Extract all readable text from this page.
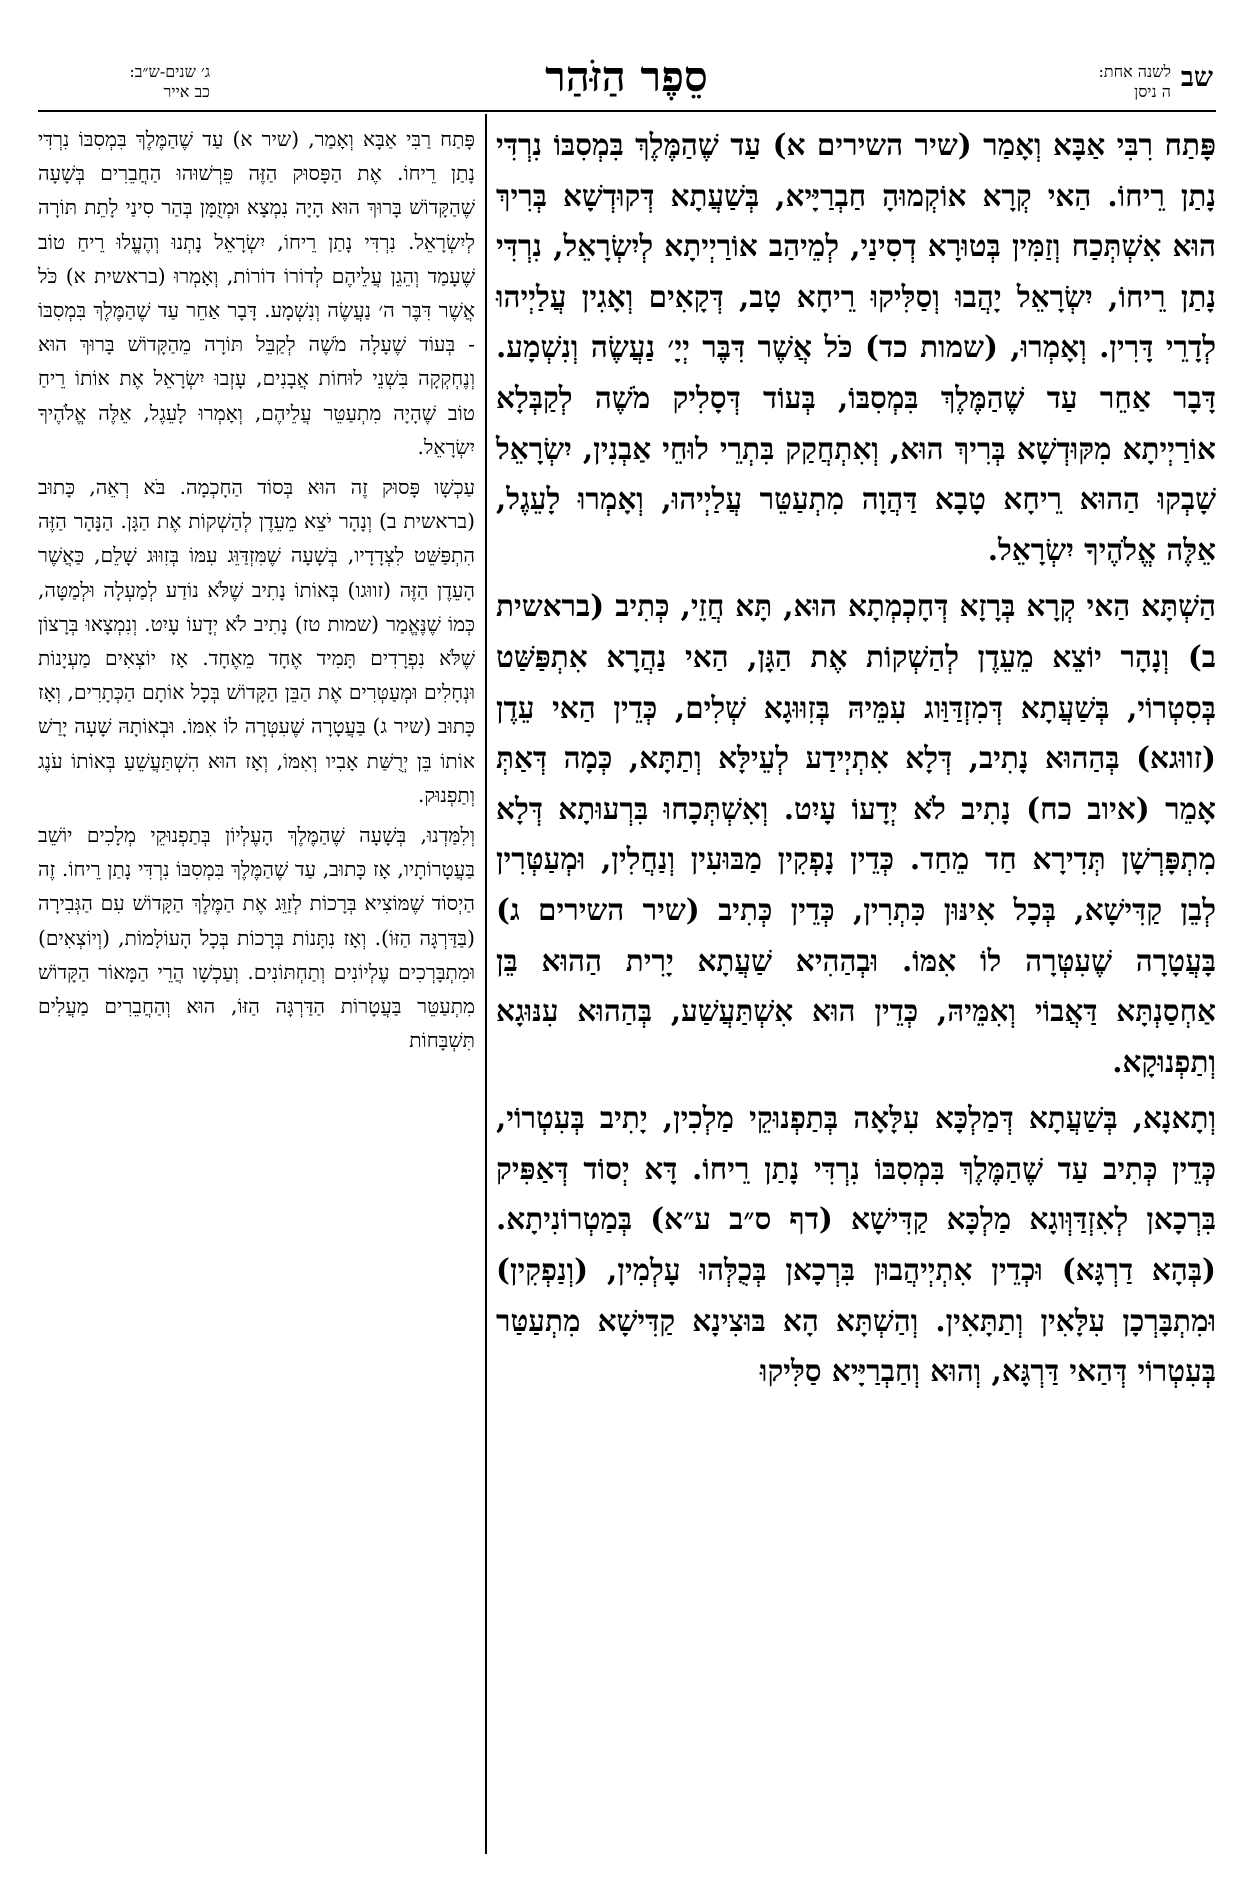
שב
לשנה אחת:
ה ניסן
סֵפֶר הַזֹּהַר
ג׳ שנים-ש״ב:
כב אייר

פָּתַח רִבִּי אַבָּא וְאָמַר (שיר השירים א) עַד שֶׁהַמֶּלֶךְ בִּמְסִבּוֹ נִרְדִּי נָתַן רֵיחוֹ. הַאי קְרָא אוֹקְמוּהָ חַבְרַיָּיא, בְּשַׁעֲתָא דְּקוּדְשָׁא בְּרִיךְ הוּא אִשְׁתְּכַח וְזַמִּין בְּטוּרָא דְסִינַי, לְמֵיהַב אוֹרַיְיתָא לְיִשְׂרָאֵל, נִרְדִּי נָתַן רֵיחוֹ, יִשְׂרָאֵל יָהֲבוּ וְסַלִּיקוּ רֵיחָא טָב, דְּקָאִים וְאָגִין עֲלַיְיהוּ לְדָרֵי דָּרִין. וְאָמְרוּ, (שמות כד) כֹּל אֲשֶׁר דִּבֶּר יְיָ׳ נַעֲשֶׂה וְנִשְׁמָע. דָּבָר אַחֵר עַד שֶׁהַמֶּלֶךְ בִּמְסִבּוֹ, בְּעוֹד דְּסָלִיק מֹשֶׁה לְקַבְּלָא אוֹרַיְיתָא מִקּוּדְשָׁא בְּרִיךְ הוּא, וְאִתְחֲקַק בִּתְרֵי לוּחֵי אַבְנִין, יִשְׂרָאֵל שָׁבְקוּ הַהוּא רֵיחָא טָבָא דַּהֲוָה מִתְעַטֵּר עֲלַיְיהוּ, וְאָמְרוּ לָעֵגֶל, אֵלֶּה אֱלֹהֶיךָ יִשְׂרָאֵל.

הַשְׁתָּא הַאי קְרָא בְּרָזָא דְּחָכְמְתָא הוּא, תָּא חֲזֵי, כְּתִיב (בראשית ב) וְנָהָר יוֹצֵא מֵעֵדֶן לְהַשְׁקוֹת אֶת הַגָּן, הַאי נַהֲרָא אִתְפַּשַּׁט בְּסִטְרוֹי, בְּשַׁעֲתָא דְּמִזְדַּוַּוג עִמֵּיהּ בְּזִוּוּגָא שְׁלִים, כְּדֵין הַאי עֵדֶן (זווּגא) בְּהַהוּא נָתִיב, דְּלָא אִתְיְידַע לְעֵילָּא וְתַתָּא, כְּמָה דְּאַתְּ אָמֵר (איוב כח) נָתִיב לֹא יְדָעוֹ עָיִט. וְאִשְׁתְּכָחוּ בִּרְעוּתָא דְּלָא מִתְפָּרְשָׁן תְּדִירָא חַד מֵחַד. כְּדֵין נָפְקִין מַבּוּעִין וְנַחֲלִין, וּמְעַטְּרִין לְבֵן קַדִּישָׁא, בְּכָל אִינּוּן כִּתְרִין, כְּדֵין כְּתִיב (שיר השירים ג) בָּעֲטָרָה שֶׁעִטְּרָה לוֹ אִמּוֹ. וּבְהַהִיא שַׁעֲתָא יָרִית הַהוּא בֵּן אַחְסַנְתָּא דַּאֲבוֹי וְאִמֵּיהּ, כְּדֵין הוּא אִשְׁתַּעֲשַׁע, בְּהַהוּא עִנּוּגָא וְתַפְנוּקָא.

וְתָאנָא, בְּשַׁעֲתָא דְּמַלְכָּא עִלָּאָה בְּתַפְנוּקֵי מַלְכִין, יָתִיב בְּעִטְרוֹי, כְּדֵין כְּתִיב עַד שֶׁהַמֶּלֶךְ בִּמְסִבּוֹ נִרְדִּי נָתַן רֵיחוֹ. דָּא יְסוֹד דְּאַפִּיק בִּרְכָאן לְאִזְדַּוְּוגָא מַלְכָּא קַדִּישָׁא (דף ס״ב ע״א) בְּמַטְרוֹנִיתָא. (בְּהָא דַרְגָּא) וּכְדֵין אִתְיְיהֲבוּן בִּרְכָאן בְּכֻלְּהוּ עָלְמִין, (וְנַפְקִין) וּמִתְבָּרְכָן עִלָּאִין וְתַתָּאִין. וְהַשְׁתָּא הָא בּוּצִינָא קַדִּישָׁא מִתְעַטַּר בְּעִטְרוֹי דְּהַאי דַּרְגָּא, וְהוּא וְחַבְרַיָּיא סַלִּיקוּ

פָּתַח רַבִּי אַבָּא וְאָמַר, (שיר א) עַד שֶׁהַמֶּלֶךְ בִּמְסִבּוֹ נִרְדִּי נָתַן רֵיחוֹ. אֶת הַפָּסוּק הַזֶּה פֵּרְשׁוּהוּ הַחֲבֵרִים בְּשָׁעָה שֶׁהַקָּדוֹשׁ בָּרוּךְ הוּא הָיָה נִמְצָא וּמְזֻמָּן בְּהַר סִינַי לָתֵת תּוֹרָה לְיִשְׂרָאֵל. נִרְדִּי נָתַן רֵיחוֹ, יִשְׂרָאֵל נָתְנוּ וְהֶעֱלוּ רֵיחַ טוֹב שֶׁעָמַד וְהֵגֵן עֲלֵיהֶם לְדוֹרוֹ דוֹרוֹת, וְאָמְרוּ (בראשית א) כֹּל אֲשֶׁר דִּבֶּר ה׳ נַעֲשֶׂה וְנִשְׁמָע. דָּבָר אַחֵר עַד שֶׁהַמֶּלֶךְ בִּמְסִבּוֹ - בְּעוֹד שֶׁעָלָה מֹשֶׁה לְקַבֵּל תּוֹרָה מֵהַקָּדוֹשׁ בָּרוּךְ הוּא וְנֶחְקְקָה בִּשְׁנֵי לוּחוֹת אֲבָנִים, עָזְבוּ יִשְׂרָאֵל אֶת אוֹתוֹ רֵיחַ טוֹב שֶׁהָיָה מִתְעַטֵּר עֲלֵיהֶם, וְאָמְרוּ לָעֵגֶל, אֵלֶּה אֱלֹהֶיךָ יִשְׂרָאֵל.

עַכְשָׁו פָּסוּק זֶה הוּא בְּסוֹד הַחָכְמָה. בֹּא רְאֵה, כָּתוּב (בראשית ב) וְנָהָר יֹצֵא מֵעֵדֶן לְהַשְׁקוֹת אֶת הַגָּן. הַנָּהָר הַזֶּה הִתְפַּשֵּׁט לִצְדָדָיו, בְּשָׁעָה שֶׁמִּזְדַּוֵּג עִמּוֹ בְּזִוּוּג שָׁלֵם, כַּאֲשֶׁר הָעֵדֶן הַזֶּה (זווּגו) בְּאוֹתוֹ נָתִיב שֶׁלֹּא נוֹדַע לְמַעְלָה וּלְמַטָּה, כְּמוֹ שֶׁנֶּאֱמַר (שמות טז) נָתִיב לֹא יְדָעוֹ עָיִט. וְנִמְצָאוּ בְּרָצוֹן שֶׁלֹּא נִפְרָדִים תָּמִיד אֶחָד מֵאֶחָד. אָז יוֹצְאִים מַעְיָנוֹת וּנְחָלִים וּמְעַטְּרִים אֶת הַבֵּן הַקָּדוֹשׁ בְּכָל אוֹתָם הַכְּתָרִים, וְאָז כָּתוּב (שיר ג) בַּעֲטָרָה שֶׁעִטְּרָה לוֹ אִמּוֹ. וּבְאוֹתָהּ שָׁעָה יָרַשׁ אוֹתוֹ בֵּן יְרֻשַּׁת אָבִיו וְאִמּוֹ, וְאָז הוּא הִשְׁתַּעֲשֵׁעַ בְּאוֹתוֹ עֹנֶג וְתַפְנוּק.

וְלִמַּדְנוּ, בְּשָׁעָה שֶׁהַמֶּלֶךְ הָעֶלְיוֹן בְּתַפְנוּקֵי מְלָכִים יוֹשֵׁב בַּעֲטָרוֹתָיו, אָז כָּתוּב, עַד שֶׁהַמֶּלֶךְ בִּמְסִבּוֹ נִרְדִּי נָתַן רֵיחוֹ. זֶה הַיְסוֹד שֶׁמּוֹצִיא בְּרָכוֹת לְזַוֵּג אֶת הַמֶּלֶךְ הַקָּדוֹשׁ עִם הַגְּבִירָה (בַּדַּרְגָּה הַזּוֹ). וְאָז נִתָּנוֹת בְּרָכוֹת בְּכָל הָעוֹלָמוֹת, (וְיוֹצְאִים) וּמִתְבָּרְכִים עֶלְיוֹנִים וְתַחְתּוֹנִים. וְעַכְשָׁו הֲרֵי הַמָּאוֹר הַקָּדוֹשׁ מִתְעַטֵּר בַּעֲטָרוֹת הַדַּרְגָּה הַזּוֹ, הוּא וְהַחֲבֵרִים מַעֲלִים תִּשְׁבָּחוֹת
